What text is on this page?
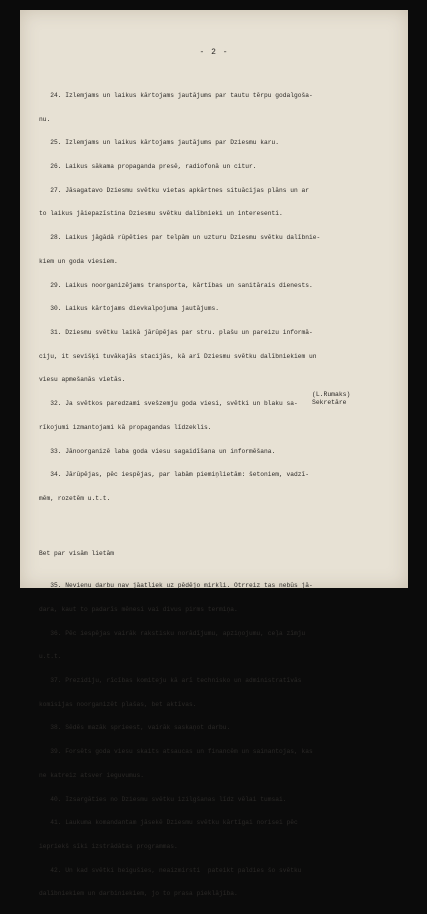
- 2 -

24. Izlemjams un laikus kārtojams jautājums par tautu tērpu godalgoša-

nu.

25. Izlemjams un laikus kārtojams jautājums par Dziesmu karu.

26. Laikus sākama propaganda presē, radiofonā un citur.

27. Jāsagatavo Dziesmu svētku vietas apkārtnes situācijas plāns un ar

to laikus jāiepazīstina Dziesmu svētku dalībnieki un interesenti.

28. Laikus jāgādā rūpēties par telpām un uzturu Dziesmu svētku dalībnie-

kiem un goda viesiem.

29. Laikus noorganizējams transporta, kārtības un sanitārais dienests.

30. Laikus kārtojams dievkalpojuma jautājums.

31. Dziesmu svētku laikā jārūpējas par stru. plašu un pareizu informā-

ciju, it sevišķi tuvākajās stacijās, kā arī Dziesmu svētku dalībniekiem un

viesu apmešanās vietās.

32. Ja svētkos paredzami svešzemju goda viesi, svētki un blaku sa-

rīkojumi izmantojami kā propagandas līdzeklis.

33. Jānoorganizē laba goda viesu sagaidīšana un informēšana.

34. Jārūpējas, pēc iespējas, par labām piemiņlietām: šetoniem, vadzī-

mēm, rozetēm u.t.t.

Bet par visām lietām

35. Nevienu darbu nav jāatliek uz pēdējo mirkli. Otrreiz tas nebūs jā-

dara, kaut to padarīs mēnesi vai divus pirms termiņa.

36. Pēc iespējas vairāk rakstisku norādījumu, apziņojumu, ceļa zīmju

u.t.t.

37. Prezidiju, rīcības komiteju kā arī technisko un administratīvās

komisijas noorganizēt plašas, bet aktīvas.

38. Sēdēs mazāk sprieest, vairāk saskaņot darbu.

39. Forsēts goda viesu skaits atsaucas un financēm un sainantojas, kas

ne katreiz atsver ieguvumus.

40. Izsargāties no Dziesmu svētku izilgšanas līdz vēlai tumsai.

41. Laukuma komandantam jāsekē Dziesmu svētku kārtīgai norisei pēc

iepriekš sīki izstrādātas programmas.

42. Un kad svētki beigušies, neaizmirsti  pateikt paldies šo svētku

dalībniekiem un darbiniekiem, jo to prasa pieklājība.

(L.Rumaks)
Sekretāre
